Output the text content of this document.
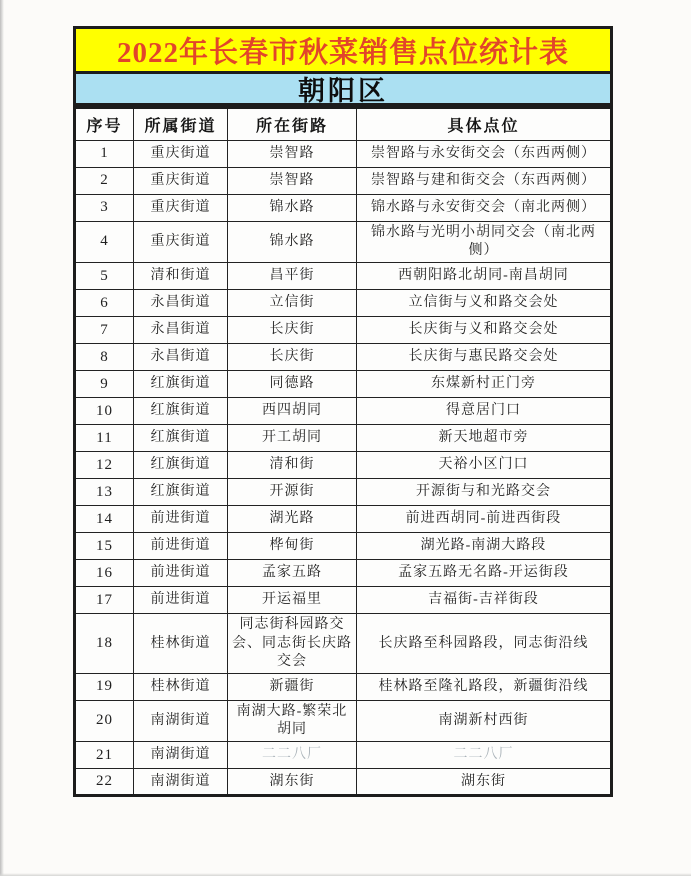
2022年长春市秋菜销售点位统计表
朝阳区
序号	所属街道	所在街路	具体点位
1	重庆街道	崇智路	崇智路与永安街交会（东西两侧）
2	重庆街道	崇智路	崇智路与建和街交会（东西两侧）
3	重庆街道	锦水路	锦水路与永安街交会（南北两侧）
4	重庆街道	锦水路	锦水路与光明小胡同交会（南北两侧）
5	清和街道	昌平街	西朝阳路北胡同-南昌胡同
6	永昌街道	立信街	立信街与义和路交会处
7	永昌街道	长庆街	长庆街与义和路交会处
8	永昌街道	长庆街	长庆街与惠民路交会处
9	红旗街道	同德路	东煤新村正门旁
10	红旗街道	西四胡同	得意居门口
11	红旗街道	开工胡同	新天地超市旁
12	红旗街道	清和街	天裕小区门口
13	红旗街道	开源街	开源街与和光路交会
14	前进街道	湖光路	前进西胡同-前进西街段
15	前进街道	桦甸街	湖光路-南湖大路段
16	前进街道	孟家五路	孟家五路无名路-开运街段
17	前进街道	开运福里	吉福街-吉祥街段
18	桂林街道	同志街科园路交会、同志街长庆路交会	长庆路至科园路段，同志街沿线
19	桂林街道	新疆街	桂林路至隆礼路段，新疆街沿线
20	南湖街道	南湖大路-繁荣北胡同	南湖新村西街
21	南湖街道	二二八厂	二二八厂
22	南湖街道	湖东街	湖东街
